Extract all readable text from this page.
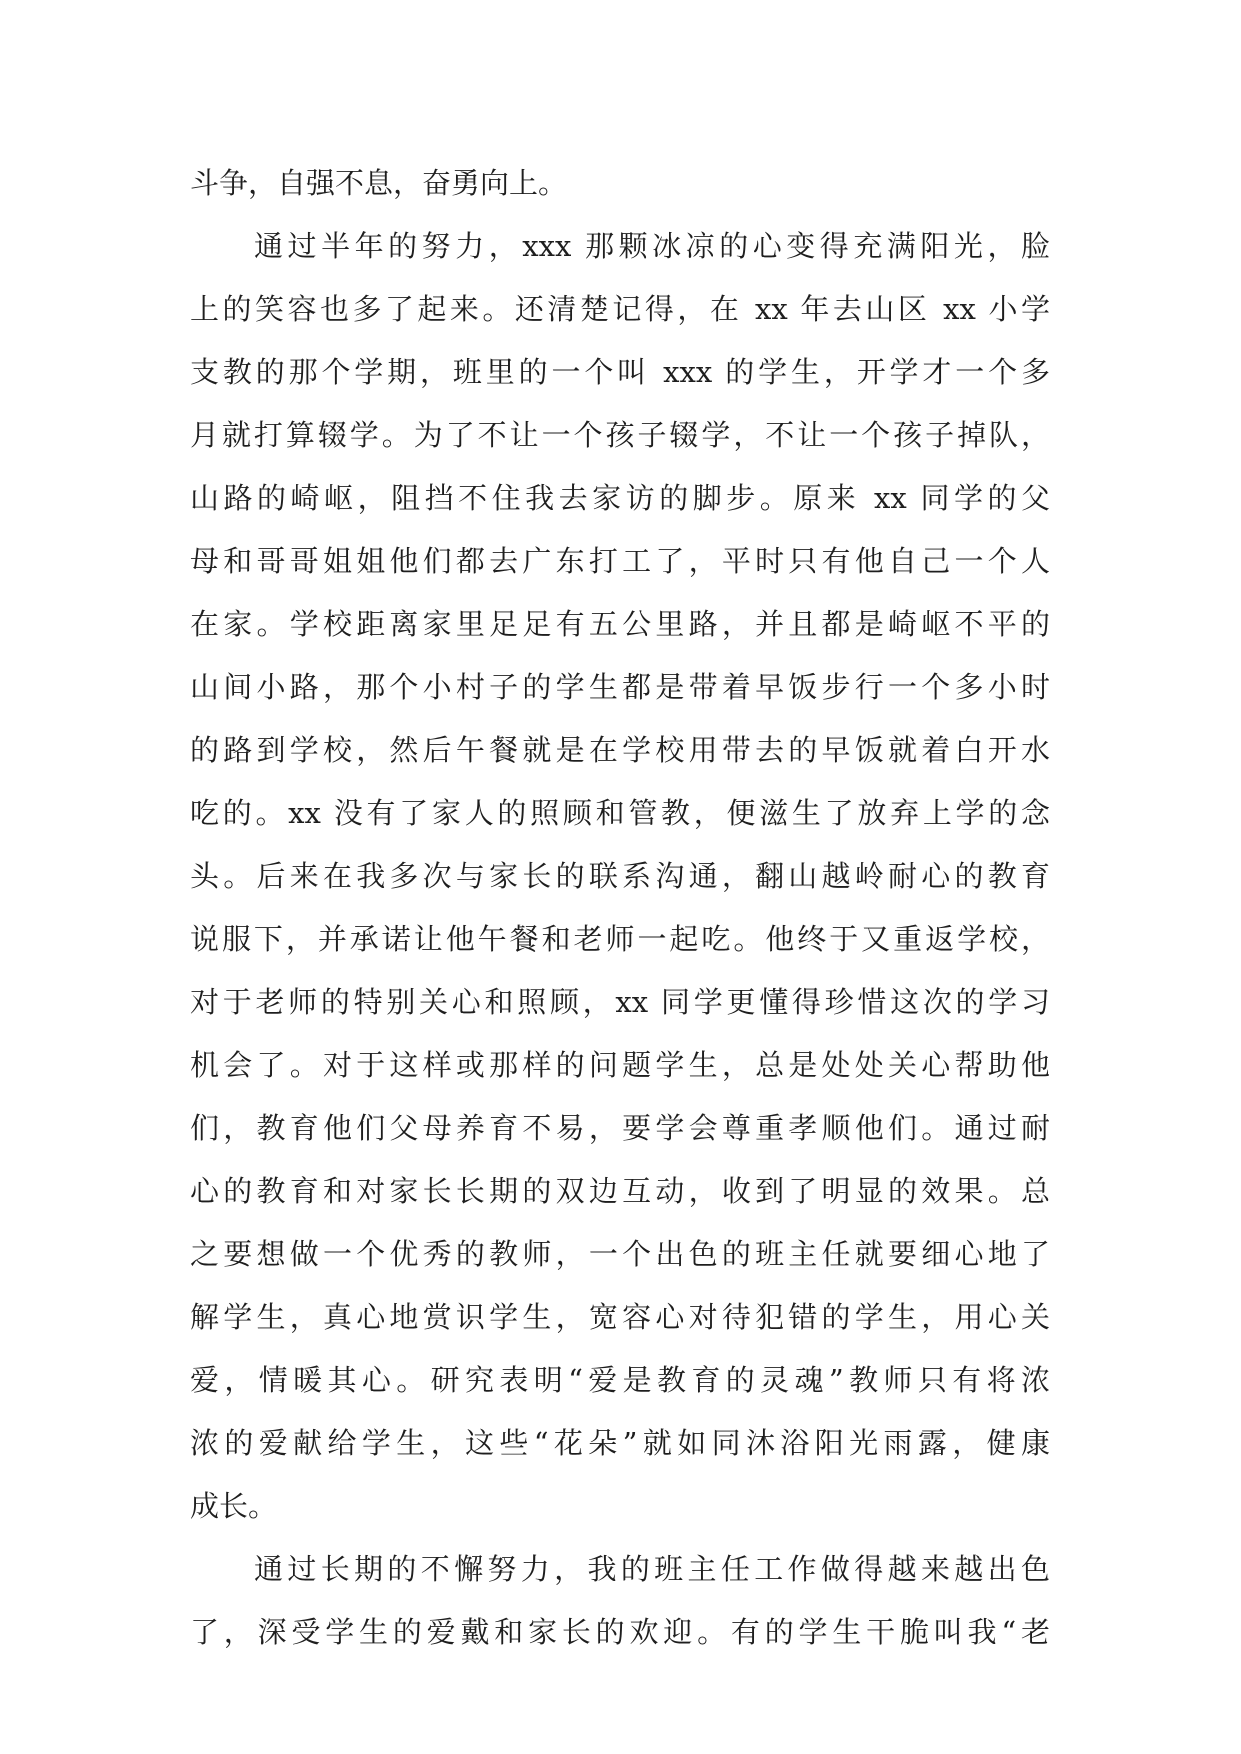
斗争，自强不息，奋勇向上。
通过半年的努力，xxx 那颗冰凉的心变得充满阳光，脸
上的笑容也多了起来。还清楚记得，在 xx 年去山区 xx 小学
支教的那个学期，班里的一个叫 xxx 的学生，开学才一个多
月就打算辍学。为了不让一个孩子辍学，不让一个孩子掉队，
山路的崎岖，阻挡不住我去家访的脚步。原来 xx 同学的父
母和哥哥姐姐他们都去广东打工了，平时只有他自己一个人
在家。学校距离家里足足有五公里路，并且都是崎岖不平的
山间小路，那个小村子的学生都是带着早饭步行一个多小时
的路到学校，然后午餐就是在学校用带去的早饭就着白开水
吃的。xx 没有了家人的照顾和管教，便滋生了放弃上学的念
头。后来在我多次与家长的联系沟通，翻山越岭耐心的教育
说服下，并承诺让他午餐和老师一起吃。他终于又重返学校，
对于老师的特别关心和照顾，xx 同学更懂得珍惜这次的学习
机会了。对于这样或那样的问题学生，总是处处关心帮助他
们，教育他们父母养育不易，要学会尊重孝顺他们。通过耐
心的教育和对家长长期的双边互动，收到了明显的效果。总
之要想做一个优秀的教师，一个出色的班主任就要细心地了
解学生，真心地赏识学生，宽容心对待犯错的学生，用心关
爱，情暖其心。研究表明“爱是教育的灵魂”教师只有将浓
浓的爱献给学生，这些“花朵”就如同沐浴阳光雨露，健康
成长。
通过长期的不懈努力，我的班主任工作做得越来越出色
了，深受学生的爱戴和家长的欢迎。有的学生干脆叫我“老
